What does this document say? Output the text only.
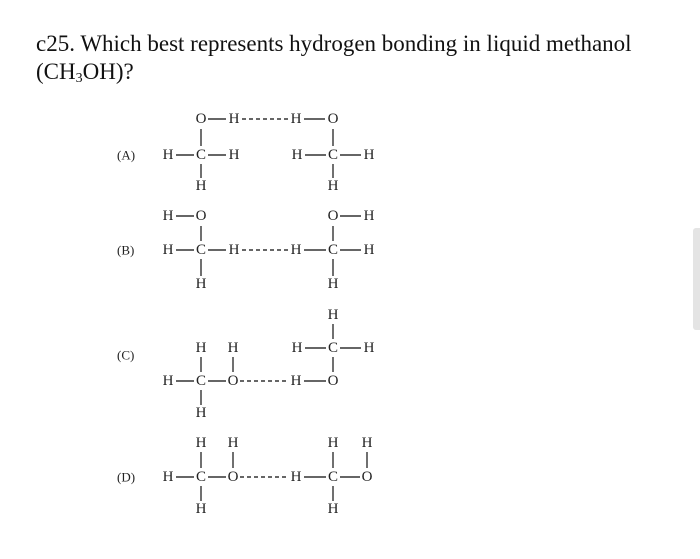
c25. Which best represents hydrogen bonding in liquid methanol $(CH_3OH)$?
(A) H C H
O H
H
H O
H C H
H
(B)
H O
H C H
H
H C H
H
O H
(C)	H H
H C O
H
H O
H C H
H
(D)
H H
H C O
H
H C O
H H
H
